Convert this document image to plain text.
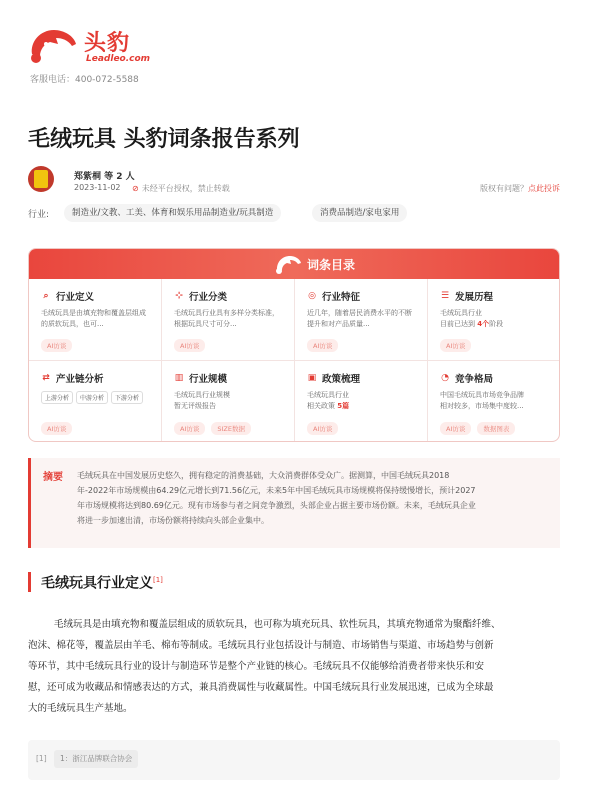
头豹
Leadleo.com
客服电话：400-072-5588
毛绒玩具 头豹词条报告系列
郑紫桐 等 2 人
2023-11-02 ⊘ 未经平台授权，禁止转载	版权有问题？点此投诉
行业:	制造业/文教、工美、体育和娱乐用品制造业/玩具制造	消费品制造/家电家用
词条目录
⌕ 行业定义
毛绒玩具是由填充物和覆盖层组成的质软玩具，也可...
AI访谈
⊹ 行业分类
毛绒玩具行业具有多样分类标准，根据玩具尺寸可分...
AI访谈
◎ 行业特征
近几年，随着居民消费水平的不断提升和对产品质量...
AI访谈
☰ 发展历程
毛绒玩具行业
目前已达到 4个阶段
AI访谈
⇄ 产业链分析
上游分析	中游分析	下游分析
AI访谈
▥ 行业规模
毛绒玩具行业规模
暂无评级报告
AI访谈	SIZE数据
▣ 政策梳理
毛绒玩具行业
相关政策 5篇
AI访谈
◔ 竞争格局
中国毛绒玩具市场竞争品牌
相对较多，市场集中度较...
AI访谈	数据图表
摘要 毛绒玩具在中国发展历史悠久，拥有稳定的消费基础，大众消费群体受众广。据测算，中国毛绒玩具2018
年-2022年市场规模由64.29亿元增长到71.56亿元，未来5年中国毛绒玩具市场规模将保持缓慢增长，预计2027
年市场规模将达到80.69亿元。现有市场参与者之间竞争激烈，头部企业占据主要市场份额。未来，毛绒玩具企业
将进一步加速出清，市场份额将持续向头部企业集中。
毛绒玩具行业定义[1]
毛绒玩具是由填充物和覆盖层组成的质软玩具，也可称为填充玩具、软性玩具，其填充物通常为聚酯纤维、
泡沫、棉花等，覆盖层由羊毛、棉布等制成。毛绒玩具行业包括设计与制造、市场销售与渠道、市场趋势与创新
等环节，其中毛绒玩具行业的设计与制造环节是整个产业链的核心。毛绒玩具不仅能够给消费者带来快乐和安
慰，还可成为收藏品和情感表达的方式，兼具消费属性与收藏属性。中国毛绒玩具行业发展迅速，已成为全球最
大的毛绒玩具生产基地。
[1]	1：浙江品牌联合协会
